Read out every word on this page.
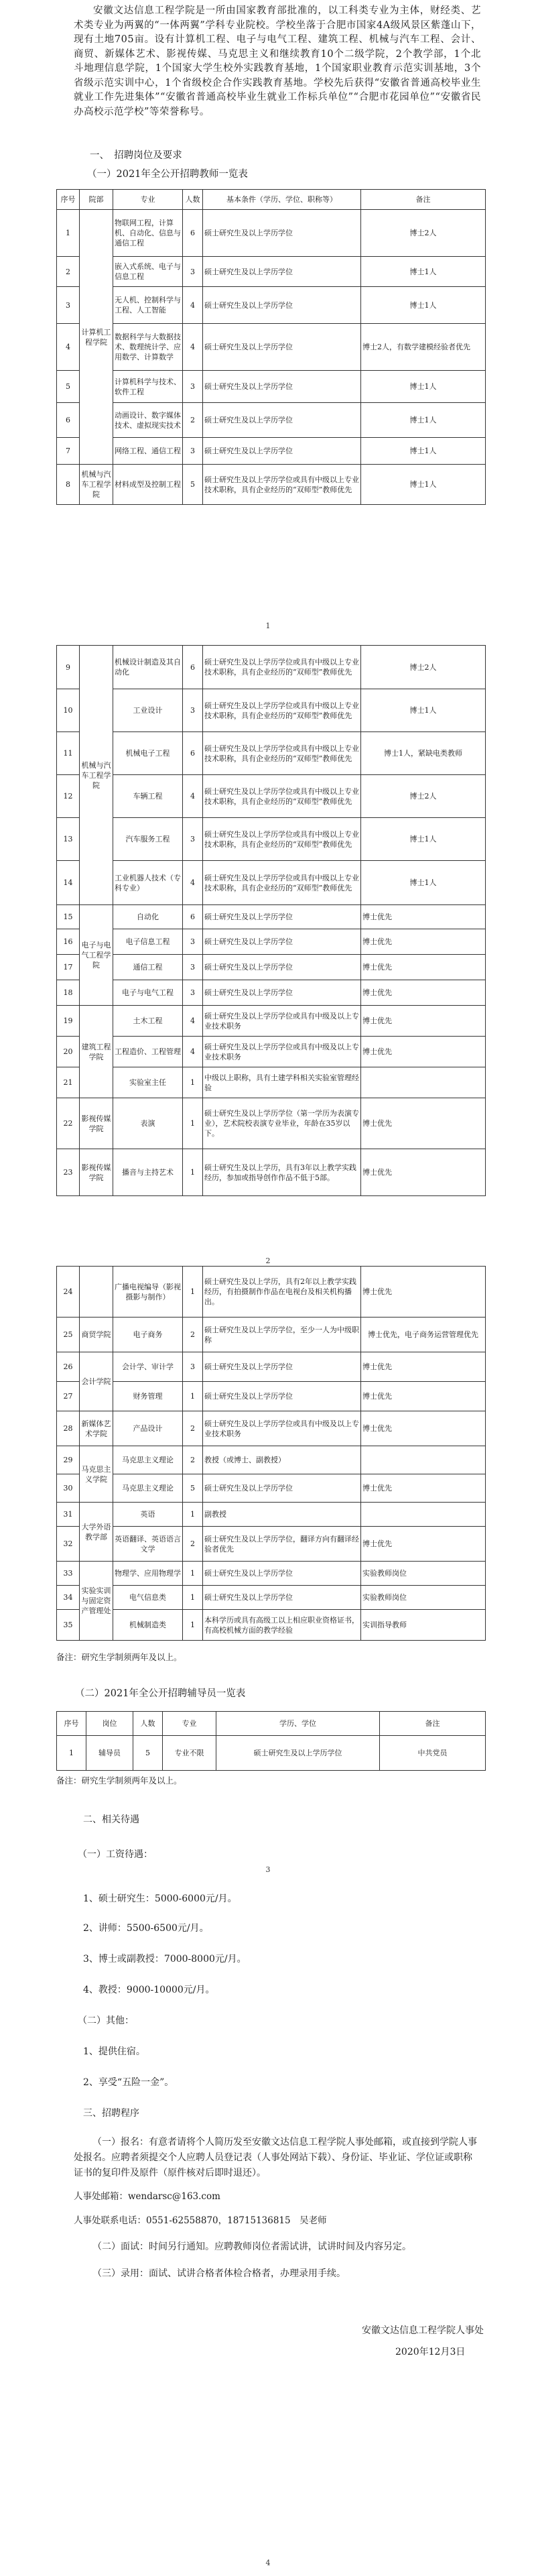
安徽文达信息工程学院是一所由国家教育部批准的，以工科类专业为主体，财经类、艺术类专业为两翼的“一体两翼”学科专业院校。学校坐落于合肥市国家4A级风景区紫蓬山下，现有土地705亩。设有计算机工程、电子与电气工程、建筑工程、机械与汽车工程、会计、商贸、新媒体艺术、影视传媒、马克思主义和继续教育10个二级学院，2个教学部，1个北斗地理信息学院，1个国家大学生校外实践教育基地，1个国家职业教育示范实训基地，3个省级示范实训中心，1个省级校企合作实践教育基地。学校先后获得“安徽省普通高校毕业生就业工作先进集体”“安徽省普通高校毕业生就业工作标兵单位”“合肥市花园单位”“安徽省民办高校示范学校”等荣誉称号。

一、　招聘岗位及要求
（一）2021年全公开招聘教师一览表
序号	院部	专业	人数	基本条件（学历、学位、职称等）	备注
1	计算机工程学院	物联网工程，计算机、自动化、信息与通信工程	6	硕士研究生及以上学历学位	博士2人
2		嵌入式系统、电子与信息工程	3	硕士研究生及以上学历学位	博士1人
3		无人机、控制科学与工程、人工智能	4	硕士研究生及以上学历学位	博士1人
4		数据科学与大数据技术、数理统计学、应用数学、计算数学	4	硕士研究生及以上学历学位	博士2人，有数学建模经验者优先
5		计算机科学与技术、软件工程	3	硕士研究生及以上学历学位	博士1人
6		动画设计、数字媒体技术、虚拟现实技术	2	硕士研究生及以上学历学位	博士1人
7		网络工程、通信工程	3	硕士研究生及以上学历学位	博士1人
8	机械与汽车工程学院	材料成型及控制工程	5	硕士研究生及以上学历学位或具有中级以上专业技术职称，具有企业经历的“双师型”教师优先	博士1人
1
9	机械与汽车工程学院	机械设计制造及其自动化	6	硕士研究生及以上学历学位或具有中级以上专业技术职称，具有企业经历的“双师型”教师优先	博士2人
10		工业设计	3	硕士研究生及以上学历学位或具有中级以上专业技术职称，具有企业经历的“双师型”教师优先	博士1人
11		机械电子工程	6	硕士研究生及以上学历学位或具有中级以上专业技术职称，具有企业经历的“双师型”教师优先	博士1人，紧缺电类教师
12		车辆工程	4	硕士研究生及以上学历学位或具有中级以上专业技术职称，具有企业经历的“双师型”教师优先	博士2人
13		汽车服务工程	3	硕士研究生及以上学历学位或具有中级以上专业技术职称，具有企业经历的“双师型”教师优先	博士1人
14		工业机器人技术（专科专业）	4	硕士研究生及以上学历学位或具有中级以上专业技术职称，具有企业经历的“双师型”教师优先	博士1人
15	电子与电气工程学院	自动化	6	硕士研究生及以上学历学位	博士优先
16		电子信息工程	3	硕士研究生及以上学历学位	博士优先
17		通信工程	3	硕士研究生及以上学历学位	博士优先
18		电子与电气工程	3	硕士研究生及以上学历学位	博士优先
19	建筑工程学院	土木工程	4	硕士研究生及以上学历学位或具有中级及以上专业技术职务	博士优先
20		工程造价、工程管理	4	硕士研究生及以上学历学位或具有中级及以上专业技术职务	博士优先
21		实验室主任	1	中级以上职称，具有土建学科相关实验室管理经验	
22	影视传媒学院	表演	1	硕士研究生及以上学历学位（第一学历为表演专业），艺术院校表演专业毕业，年龄在35岁以下。	博士优先
23	影视传媒学院	播音与主持艺术	1	硕士研究生及以上学历，具有3年以上教学实践经历，参加或指导创作作品不低于5部。	博士优先
2
24		广播电视编导（影视摄影与制作）	1	硕士研究生及以上学历，具有2年以上教学实践经历，有拍摄制作作品在电视台及相关机构播出。	博士优先
25	商贸学院	电子商务	2	硕士研究生及以上学历学位，至少一人为中级职称	博士优先，电子商务运营管理优先
26	会计学院	会计学、审计学	3	硕士研究生及以上学历学位	博士优先
27		财务管理	1	硕士研究生及以上学历学位	博士优先
28	新媒体艺术学院	产品设计	2	硕士研究生及以上学历学位或具有中级及以上专业技术职务	博士优先
29	马克思主义学院	马克思主义理论	2	教授（或博士、副教授）	
30		马克思主义理论	5	硕士研究生及以上学历学位	博士优先
31	大学外语教学部	英语	1	副教授	
32		英语翻译、英语语言文学	2	硕士研究生及以上学历学位，翻译方向有翻译经验者优先	博士优先
33	实验实训与固定资产管理处	物理学、应用物理学	1	硕士研究生及以上学历学位	实验教师岗位
34		电气信息类	1	硕士研究生及以上学历学位	实验教师岗位
35		机械制造类	1	本科学历或具有高级工以上相应职业资格证书，有高校机械方面的教学经验	实训指导教师
备注：研究生学制须两年及以上。
（二）2021年全公开招聘辅导员一览表
序号	岗位	人数	专业	学历、学位	备注
1	辅导员	5	专业不限	硕士研究生及以上学历学位	中共党员
备注：研究生学制须两年及以上。
二、相关待遇
（一）工资待遇：
3
1、硕士研究生：5000-6000元/月。
2、讲师：5500-6500元/月。
3、博士或副教授：7000-8000元/月。
4、教授：9000-10000元/月。
（二）其他：
1、提供住宿。
2、享受“五险一金”。
三、招聘程序

（一）报名：有意者请将个人简历发至安徽文达信息工程学院人事处邮箱，或直接到学院人事处报名。应聘者须提交个人应聘人员登记表（人事处网站下载）、身份证、毕业证、学位证或职称证书的复印件及原件（原件核对后即时退还）。

人事处邮箱：wendarsc@163.com
人事处联系电话：0551-62558870，18715136815　吴老师

（二）面试：时间另行通知。应聘教师岗位者需试讲，试讲时间及内容另定。

（三）录用：面试、试讲合格者体检合格者，办理录用手续。

安徽文达信息工程学院人事处
2020年12月3日
4
